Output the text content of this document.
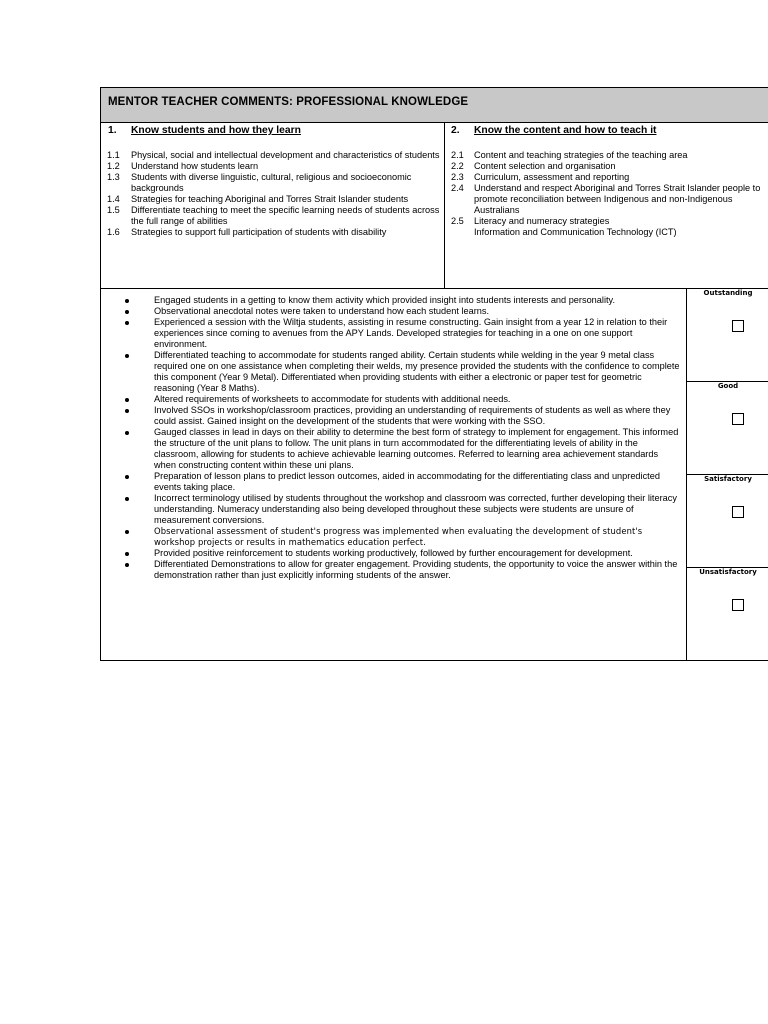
MENTOR TEACHER COMMENTS: PROFESSIONAL KNOWLEDGE
1. Know students and how they learn
1.1 Physical, social and intellectual development and characteristics of students
1.2 Understand how students learn
1.3 Students with diverse linguistic, cultural, religious and socioeconomic backgrounds
1.4 Strategies for teaching Aboriginal and Torres Strait Islander students
1.5 Differentiate teaching to meet the specific learning needs of students across the full range of abilities
1.6 Strategies to support full participation of students with disability
2. Know the content and how to teach it
2.1 Content and teaching strategies of the teaching area
2.2 Content selection and organisation
2.3 Curriculum, assessment and reporting
2.4 Understand and respect Aboriginal and Torres Strait Islander people to promote reconciliation between Indigenous and non-Indigenous Australians
2.5 Literacy and numeracy strategies
Information and Communication Technology (ICT)
Engaged students in a getting to know them activity which provided insight into students interests and personality.
Observational anecdotal notes were taken to understand how each student learns.
Experienced a session with the Wiltja students, assisting in resume constructing. Gain insight from a year 12 in relation to their experiences since coming to avenues from the APY Lands. Developed strategies for teaching in a one on one support environment.
Differentiated teaching to accommodate for students ranged ability. Certain students while welding in the year 9 metal class required one on one assistance when completing their welds, my presence provided the students with the confidence to complete this component (Year 9 Metal). Differentiated when providing students with either a electronic or paper test for geometric reasoning (Year 8 Maths).
Altered requirements of worksheets to accommodate for students with additional needs.
Involved SSOs in workshop/classroom practices, providing an understanding of requirements of students as well as where they could assist. Gained insight on the development of the students that were working with the SSO.
Gauged classes in lead in days on their ability to determine the best form of strategy to implement for engagement. This informed the structure of the unit plans to follow. The unit plans in turn accommodated for the differentiating levels of ability in the classroom, allowing for students to achieve achievable learning outcomes. Referred to learning area achievement standards when constructing content within these uni plans.
Preparation of lesson plans to predict lesson outcomes, aided in accommodating for the differentiating class and unpredicted events taking place.
Incorrect terminology utilised by students throughout the workshop and classroom was corrected, further developing their literacy understanding. Numeracy understanding also being developed throughout these subjects were students are unsure of measurement conversions.
Observational assessment of student's progress was implemented when evaluating the development of student's workshop projects or results in mathematics education perfect.
Provided positive reinforcement to students working productively, followed by further encouragement for development.
Differentiated Demonstrations to allow for greater engagement. Providing students, the opportunity to voice the answer within the demonstration rather than just explicitly informing students of the answer.
Outstanding
Good
Satisfactory
Unsatisfactory
